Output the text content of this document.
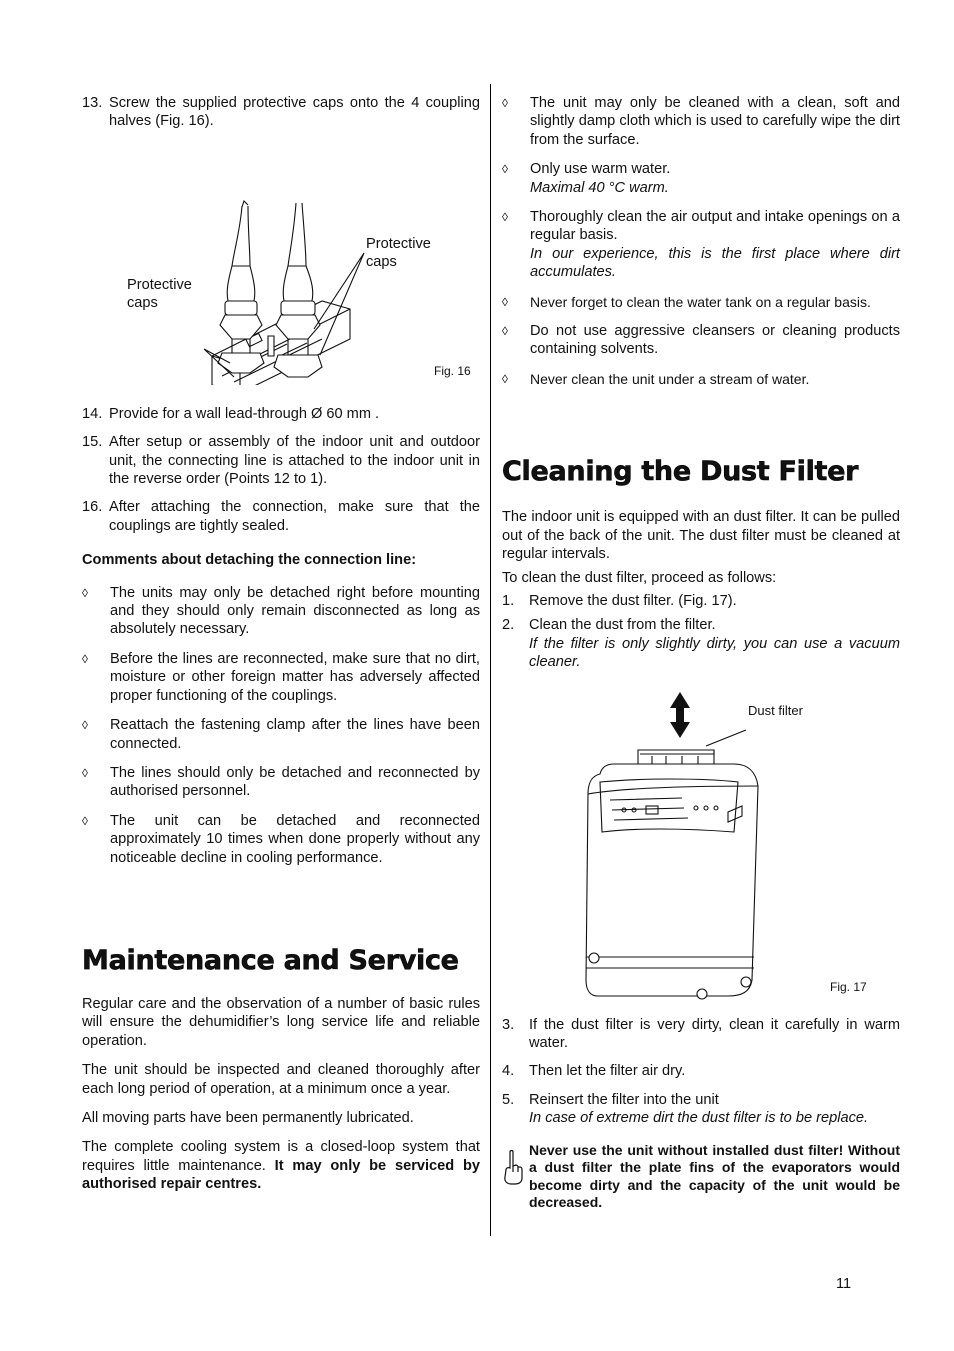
13. Screw the supplied protective caps onto the 4 coupling halves (Fig. 16).
Protective caps
Protective caps
Fig. 16
14. Provide for a wall lead-through Ø 60 mm .
15. After setup or assembly of the indoor unit and outdoor unit, the connecting line is attached to the indoor unit in the reverse order (Points 12 to 1).
16. After attaching the connection, make sure that the couplings are tightly sealed.
Comments about detaching the connection line:
◊ The units may only be detached right before mounting and they should only remain disconnected as long as absolutely necessary.
◊ Before the lines are reconnected, make sure that no dirt, moisture or other foreign matter has adversely affected proper functioning of the couplings.
◊ Reattach the fastening clamp after the lines have been connected.
◊ The lines should only be detached and reconnected by authorised personnel.
◊ The unit can be detached and reconnected approximately 10 times when done properly without any noticeable decline in cooling performance.
Maintenance and Service

Regular care and the observation of a number of basic rules will ensure the dehumidifier’s long service life and reliable operation.

The unit should be inspected and cleaned thoroughly after each long period of operation, at a minimum once a year.

All moving parts have been permanently lubricated.

The complete cooling system is a closed-loop system that requires little maintenance. It may only be serviced by authorised repair centres.

◊ The unit may only be cleaned with a clean, soft and slightly damp cloth which is used to carefully wipe the dirt from the surface.
◊ Only use warm water.
Maximal 40 °C warm.
◊ Thoroughly clean the air output and intake openings on a regular basis.
In our experience, this is the first place where dirt accumulates.
◊ Never forget to clean the water tank on a regular basis.
◊ Do not use aggressive cleansers or cleaning products containing solvents.
◊ Never clean the unit under a stream of water.
Cleaning the Dust Filter

The indoor unit is equipped with an dust filter. It can be pulled out of the back of the unit. The dust filter must be cleaned at regular intervals.

To clean the dust filter, proceed as follows:

1. Remove the dust filter. (Fig. 17).
2. Clean the dust from the filter.
If the filter is only slightly dirty, you can use a vacuum cleaner.
Dust filter
Fig. 17
3. If the dust filter is very dirty, clean it carefully in warm water.
4. Then let the filter air dry.
5. Reinsert the filter into the unit
In case of extreme dirt the dust filter is to be replace.
Never use the unit without installed dust filter! Without a dust filter the plate fins of the evaporators would become dirty and the capacity of the unit would be decreased.
11
